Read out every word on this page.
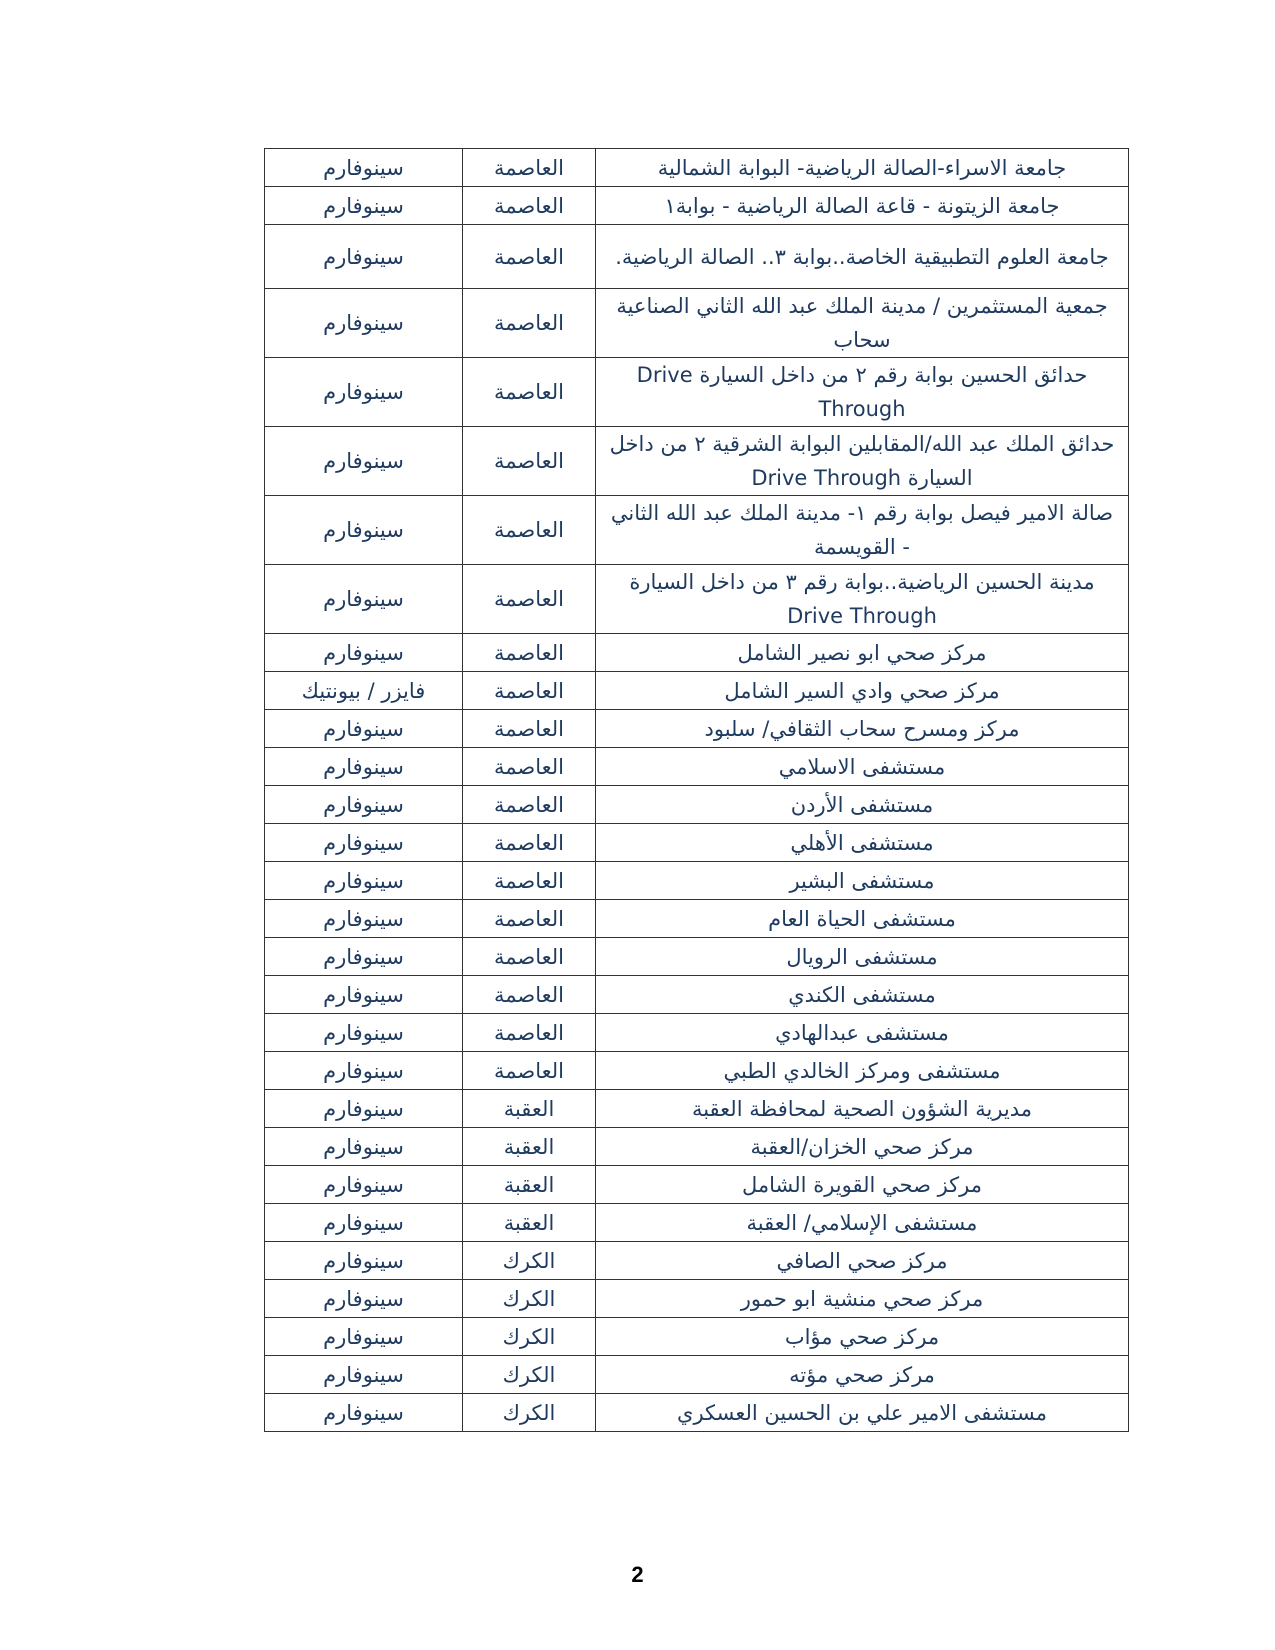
جامعة الاسراء-الصالة الرياضية- البوابة الشمالية	العاصمة	سينوفارم
جامعة الزيتونة - قاعة الصالة الرياضية - بوابة١	العاصمة	سينوفارم
جامعة العلوم التطبيقية الخاصة..بوابة ٣.. الصالة الرياضية.	العاصمة	سينوفارم
جمعية المستثمرين / مدينة الملك عبد الله الثاني الصناعية سحاب	العاصمة	سينوفارم
حدائق الحسين بوابة رقم ٢ من داخل السيارة Drive Through	العاصمة	سينوفارم
حدائق الملك عبد الله/المقابلين البوابة الشرقية ٢ من داخل السيارة Drive Through	العاصمة	سينوفارم
صالة الامير فيصل بوابة رقم ١- مدينة الملك عبد الله الثاني - القويسمة	العاصمة	سينوفارم
مدينة الحسين الرياضية..بوابة رقم ٣ من داخل السيارة Drive Through	العاصمة	سينوفارم
مركز صحي ابو نصير الشامل	العاصمة	سينوفارم
مركز صحي وادي السير الشامل	العاصمة	فايزر / بيونتيك
مركز ومسرح سحاب الثقافي/ سلبود	العاصمة	سينوفارم
مستشفى الاسلامي	العاصمة	سينوفارم
مستشفى الأردن	العاصمة	سينوفارم
مستشفى الأهلي	العاصمة	سينوفارم
مستشفى البشير	العاصمة	سينوفارم
مستشفى الحياة العام	العاصمة	سينوفارم
مستشفى الرويال	العاصمة	سينوفارم
مستشفى الكندي	العاصمة	سينوفارم
مستشفى عبدالهادي	العاصمة	سينوفارم
مستشفى ومركز الخالدي الطبي	العاصمة	سينوفارم
مديرية الشؤون الصحية لمحافظة العقبة	العقبة	سينوفارم
مركز صحي الخزان/العقبة	العقبة	سينوفارم
مركز صحي القويرة الشامل	العقبة	سينوفارم
مستشفى الإسلامي/ العقبة	العقبة	سينوفارم
مركز صحي الصافي	الكرك	سينوفارم
مركز صحي منشية ابو حمور	الكرك	سينوفارم
مركز صحي مؤاب	الكرك	سينوفارم
مركز صحي مؤته	الكرك	سينوفارم
مستشفى الامير علي بن الحسين العسكري	الكرك	سينوفارم
2
